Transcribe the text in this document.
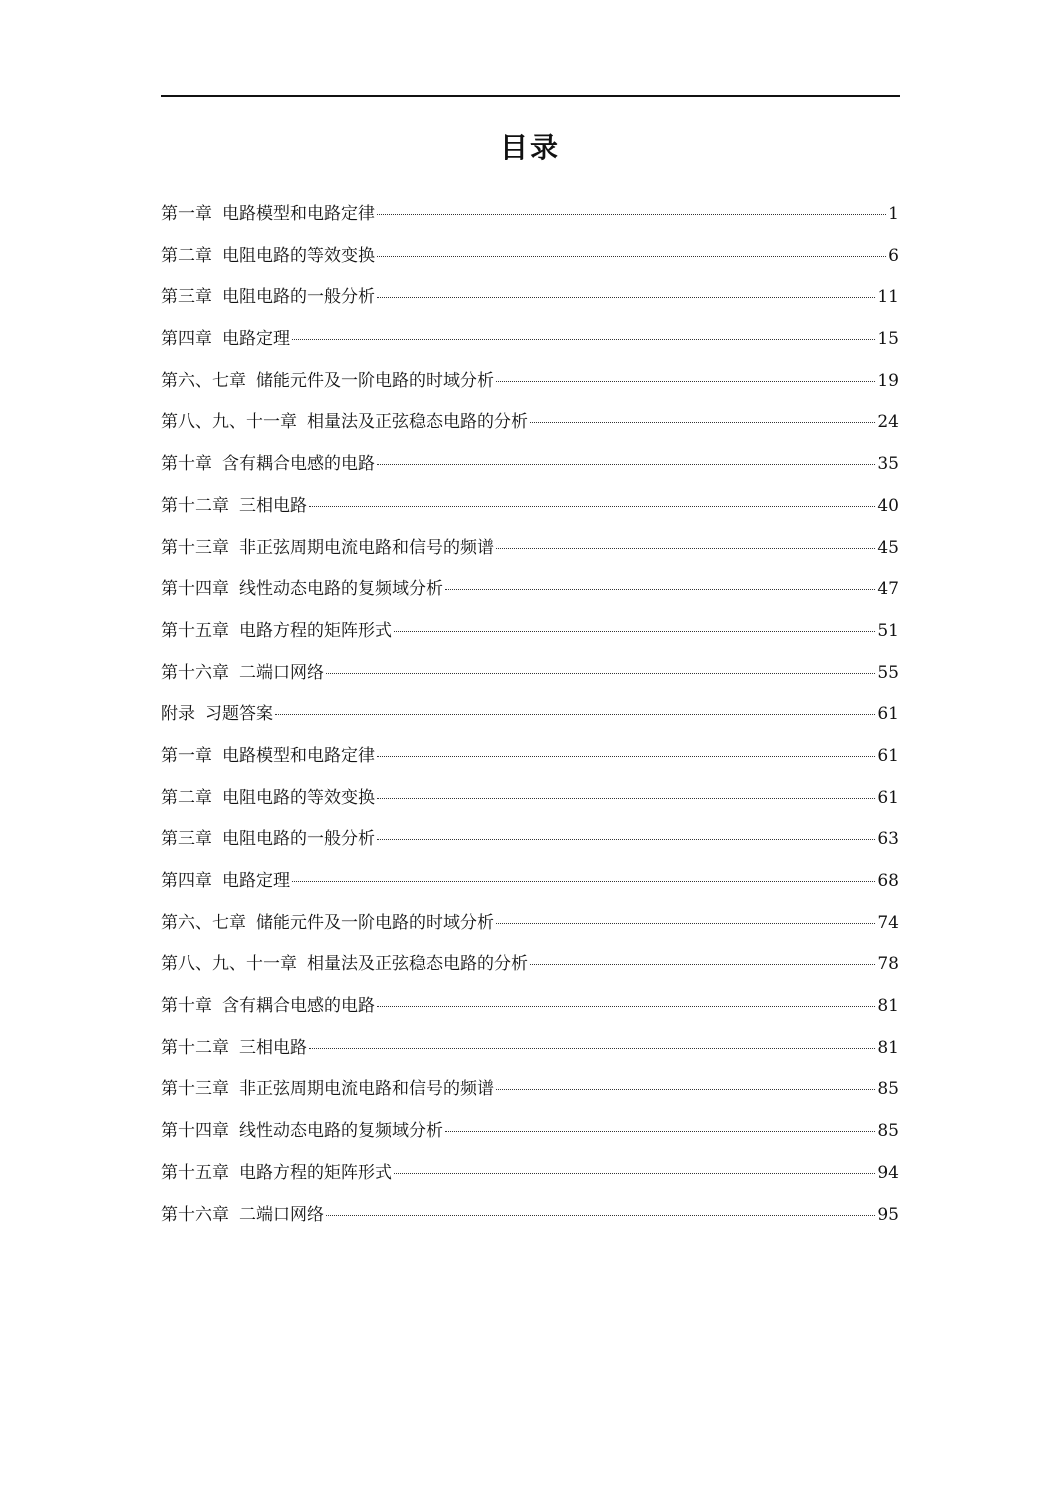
目录
第一章 电路模型和电路定律	1
第二章 电阻电路的等效变换	6
第三章 电阻电路的一般分析	11
第四章 电路定理	15
第六、七章 储能元件及一阶电路的时域分析	19
第八、九、十一章 相量法及正弦稳态电路的分析	24
第十章 含有耦合电感的电路	35
第十二章 三相电路	40
第十三章 非正弦周期电流电路和信号的频谱	45
第十四章 线性动态电路的复频域分析	47
第十五章 电路方程的矩阵形式	51
第十六章 二端口网络	55
附录 习题答案	61
第一章 电路模型和电路定律	61
第二章 电阻电路的等效变换	61
第三章 电阻电路的一般分析	63
第四章 电路定理	68
第六、七章 储能元件及一阶电路的时域分析	74
第八、九、十一章 相量法及正弦稳态电路的分析	78
第十章 含有耦合电感的电路	81
第十二章 三相电路	81
第十三章 非正弦周期电流电路和信号的频谱	85
第十四章 线性动态电路的复频域分析	85
第十五章 电路方程的矩阵形式	94
第十六章 二端口网络	95
